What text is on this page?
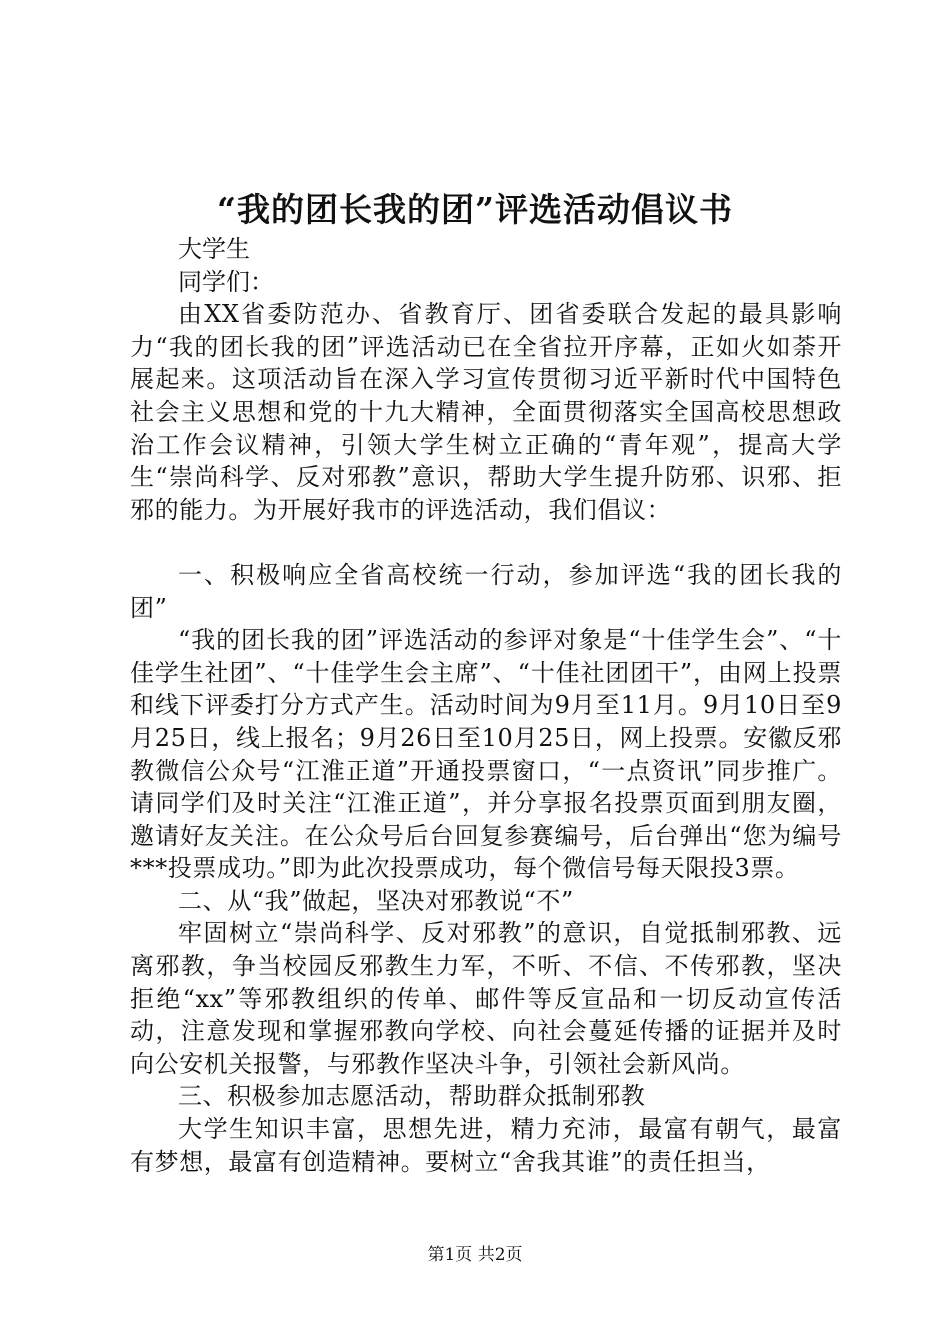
“我的团长我的团”评选活动倡议书

大学生

同学们：

由XX省委防范办、省教育厅、团省委联合发起的最具影响力“我的团长我的团”评选活动已在全省拉开序幕，正如火如荼开展起来。这项活动旨在深入学习宣传贯彻习近平新时代中国特色社会主义思想和党的十九大精神，全面贯彻落实全国高校思想政治工作会议精神，引领大学生树立正确的“青年观”，提高大学生“崇尚科学、反对邪教”意识，帮助大学生提升防邪、识邪、拒邪的能力。为开展好我市的评选活动，我们倡议：

一、积极响应全省高校统一行动，参加评选“我的团长我的团”

“我的团长我的团”评选活动的参评对象是“十佳学生会”、“十佳学生社团”、“十佳学生会主席”、“十佳社团团干”，由网上投票和线下评委打分方式产生。活动时间为9月至11月。9月10日至9月25日，线上报名；9月26日至10月25日，网上投票。安徽反邪教微信公众号“江淮正道”开通投票窗口，“一点资讯”同步推广。请同学们及时关注“江淮正道”，并分享报名投票页面到朋友圈，邀请好友关注。在公众号后台回复参赛编号，后台弹出“您为编号***投票成功。”即为此次投票成功，每个微信号每天限投3票。

二、从“我”做起，坚决对邪教说“不”

牢固树立“崇尚科学、反对邪教”的意识，自觉抵制邪教、远离邪教，争当校园反邪教生力军，不听、不信、不传邪教，坚决拒绝“xx”等邪教组织的传单、邮件等反宣品和一切反动宣传活动，注意发现和掌握邪教向学校、向社会蔓延传播的证据并及时向公安机关报警，与邪教作坚决斗争，引领社会新风尚。

三、积极参加志愿活动，帮助群众抵制邪教

大学生知识丰富，思想先进，精力充沛，最富有朝气，最富有梦想，最富有创造精神。要树立“舍我其谁”的责任担当，

第1页 共2页
